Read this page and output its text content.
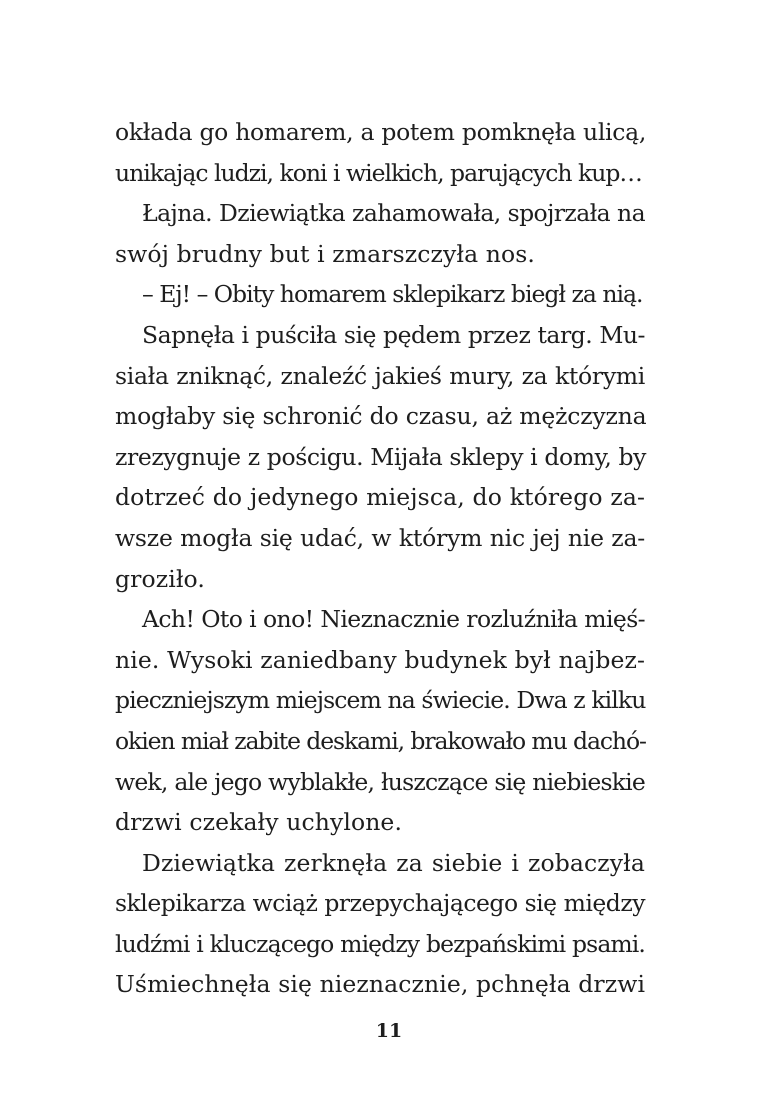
okłada go homarem, a potem pomknęła ulicą,
unikając ludzi, koni i wielkich, parujących kup…
Łajna. Dziewiątka zahamowała, spojrzała na
swój brudny but i zmarszczyła nos.
– Ej! – Obity homarem sklepikarz biegł za nią.
Sapnęła i puściła się pędem przez targ. Mu-
siała zniknąć, znaleźć jakieś mury, za którymi
mogłaby się schronić do czasu, aż mężczyzna
zrezygnuje z pościgu. Mijała sklepy i domy, by
dotrzeć do jedynego miejsca, do którego za-
wsze mogła się udać, w którym nic jej nie za-
groziło.
Ach! Oto i ono! Nieznacznie rozluźniła mięś-
nie. Wysoki zaniedbany budynek był najbez-
pieczniejszym miejscem na świecie. Dwa z kilku
okien miał zabite deskami, brakowało mu dachó-
wek, ale jego wyblakłe, łuszczące się niebieskie
drzwi czekały uchylone.
Dziewiątka zerknęła za siebie i zobaczyła
sklepikarza wciąż przepychającego się między
ludźmi i kluczącego między bezpańskimi psami.
Uśmiechnęła się nieznacznie, pchnęła drzwi
11
